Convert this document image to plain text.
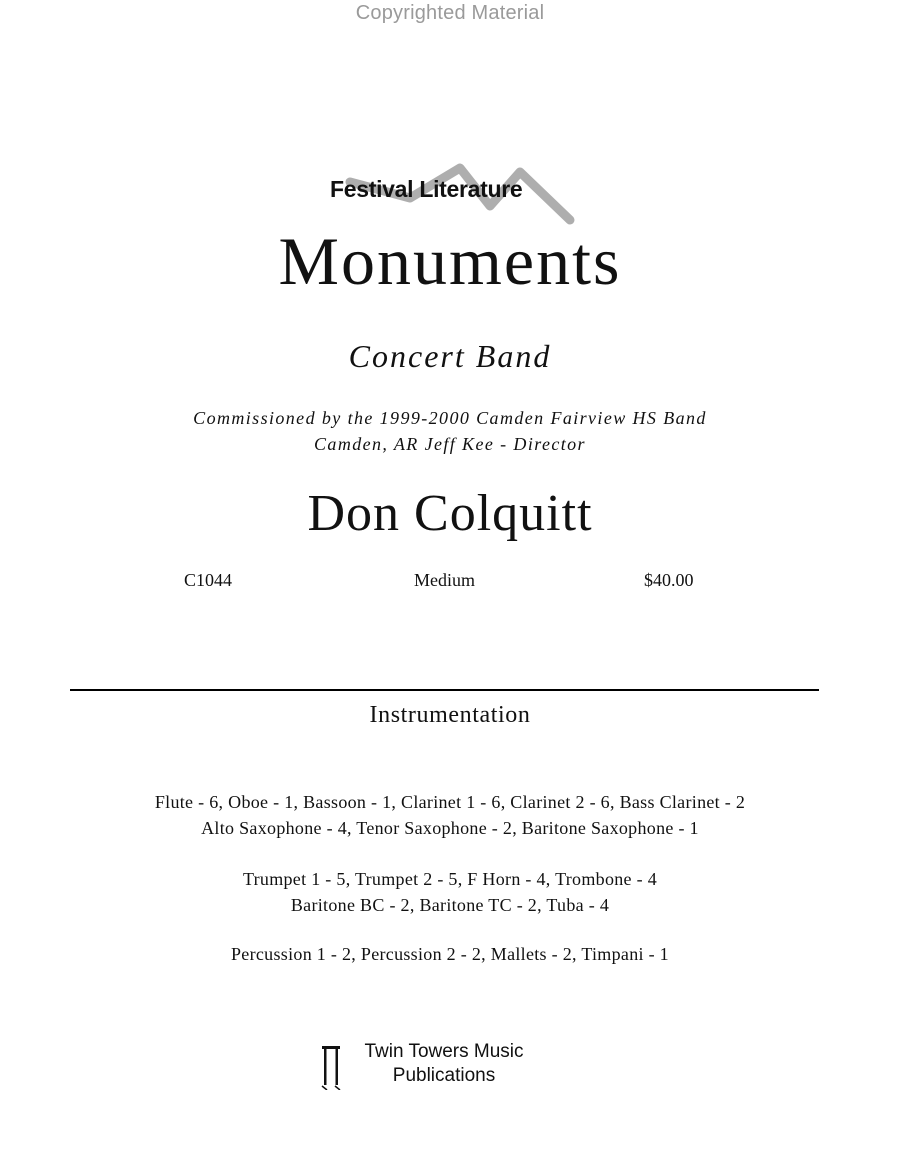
Copyrighted Material
Festival Literature
Monuments
Concert Band
Commissioned by the 1999-2000 Camden Fairview HS Band
Camden, AR Jeff Kee - Director
Don Colquitt
C1044	Medium	$40.00
Instrumentation
Flute - 6, Oboe - 1, Bassoon - 1, Clarinet 1 - 6, Clarinet 2 - 6, Bass Clarinet - 2
Alto Saxophone - 4, Tenor Saxophone - 2, Baritone Saxophone - 1
Trumpet 1 - 5, Trumpet 2 - 5, F Horn - 4, Trombone - 4
Baritone BC - 2, Baritone TC - 2, Tuba - 4
Percussion 1 - 2, Percussion 2 - 2, Mallets - 2, Timpani - 1
Twin Towers Music
Publications
